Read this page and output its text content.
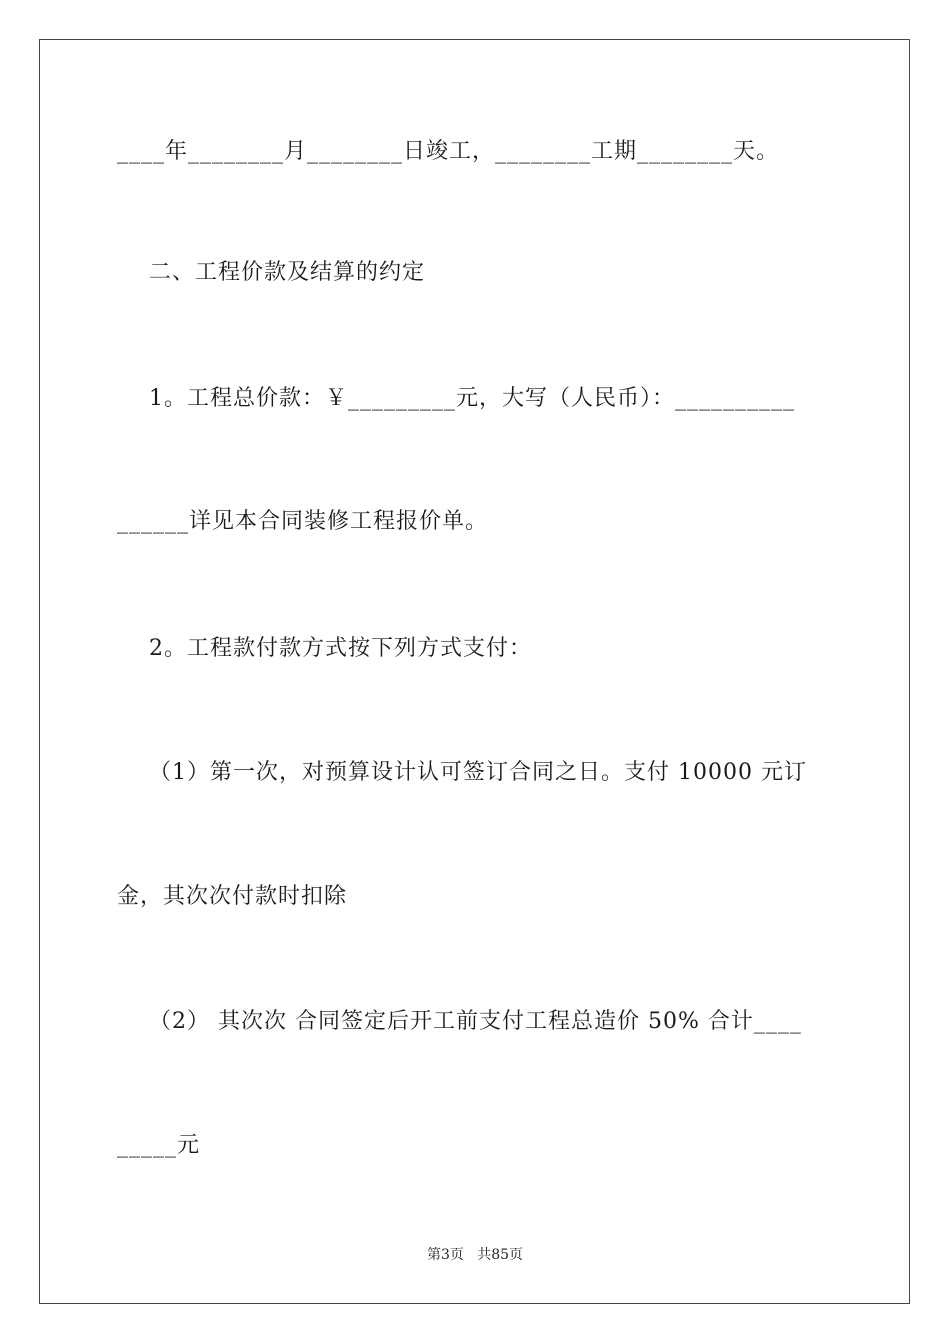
____年________月________日竣工，________工期________天。
二、工程价款及结算的约定
1。工程总价款：￥_________元，大写（人民币）：__________
______详见本合同装修工程报价单。
2。工程款付款方式按下列方式支付：
（1）第一次，对预算设计认可签订合同之日。支付 10000 元订
金，其次次付款时扣除
（2） 其次次 合同签定后开工前支付工程总造价 50% 合计____
_____元
第3页   共85页
